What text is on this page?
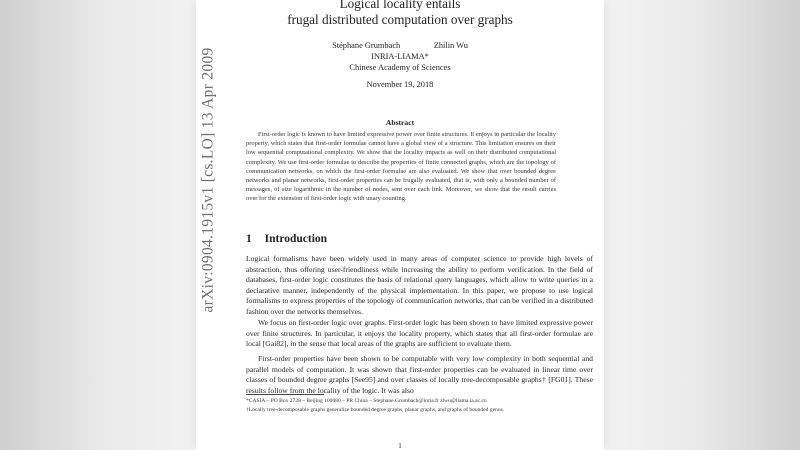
Logical locality entails
frugal distributed computation over graphs
Stéphane Grumbach                Zhilin Wu
INRIA-LIAMA*
Chinese Academy of Sciences
November 19, 2018
Abstract

First-order logic is known to have limited expressive power over finite structures. It enjoys in particular the locality property, which states that first-order formulae cannot have a global view of a structure. This limitation ensures on their low sequential computational complexity. We show that the locality impacts as well on their distributed computational complexity. We use first-order formulae to describe the properties of finite connected graphs, which are the topology of communication networks, on which the first-order formulae are also evaluated. We show that over bounded degree networks and planar networks, first-order properties can be frugally evaluated, that is, with only a bounded number of messages, of size logarithmic in the number of nodes, sent over each link. Moreover, we show that the result carries over for the extension of first-order logic with unary counting.

1 Introduction

Logical formalisms have been widely used in many areas of computer science to provide high levels of abstraction, thus offering user-friendliness while increasing the ability to perform verification. In the field of databases, first-order logic constitutes the basis of relational query languages, which allow to write queries in a declarative manner, independently of the physical implementation. In this paper, we propose to use logical formalisms to express properties of the topology of communication networks, that can be verified in a distributed fashion over the networks themselves.

We focus on first-order logic over graphs. First-order logic has been shown to have limited expressive power over finite structures. In particular, it enjoys the locality property, which states that all first-order formulae are local [Gai82], in the sense that local areas of the graphs are sufficient to evaluate them.

First-order properties have been shown to be computable with very low complexity in both sequential and parallel models of computation. It was shown that first-order properties can be evaluated in linear time over classes of bounded degree graphs [See95] and over classes of locally tree-decomposable graphs† [FG01]. These results follow from the locality of the logic. It was also

*CASIA – PO Box 2728 – Beijing 100080 – PR China – Stephane.Grumbach@inria.fr zlwu@liama.ia.ac.cn
†Locally tree-decomposable graphs generalize bounded degree graphs, planar graphs, and graphs of bounded genus.
1
arXiv:0904.1915v1 [cs.LO] 13 Apr 2009
